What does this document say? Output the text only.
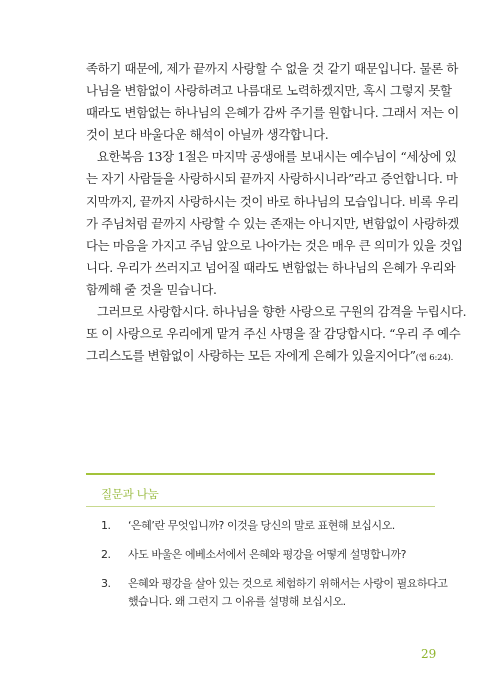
족하기 때문에, 제가 끝까지 사랑할 수 없을 것 같기 때문입니다. 물론 하
나님을 변함없이 사랑하려고 나름대로 노력하겠지만, 혹시 그렇지 못할
때라도 변함없는 하나님의 은혜가 감싸 주기를 원합니다. 그래서 저는 이
것이 보다 바울다운 해석이 아닐까 생각합니다.
요한복음 13장 1절은 마지막 공생애를 보내시는 예수님이 “세상에 있
는 자기 사람들을 사랑하시되 끝까지 사랑하시니라”라고 증언합니다. 마
지막까지, 끝까지 사랑하시는 것이 바로 하나님의 모습입니다. 비록 우리
가 주님처럼 끝까지 사랑할 수 있는 존재는 아니지만, 변함없이 사랑하겠
다는 마음을 가지고 주님 앞으로 나아가는 것은 매우 큰 의미가 있을 것입
니다. 우리가 쓰러지고 넘어질 때라도 변함없는 하나님의 은혜가 우리와
함께해 줄 것을 믿습니다.
그러므로 사랑합시다. 하나님을 향한 사랑으로 구원의 감격을 누립시다.
또 이 사랑으로 우리에게 맡겨 주신 사명을 잘 감당합시다. “우리 주 예수
그리스도를 변함없이 사랑하는 모든 자에게 은혜가 있을지어다”(엡 6:24).
질문과 나눔
1. ‘은혜’란 무엇입니까? 이것을 당신의 말로 표현해 보십시오.
2. 사도 바울은 에베소서에서 은혜와 평강을 어떻게 설명합니까?
3. 은혜와 평강을 살아 있는 것으로 체험하기 위해서는 사랑이 필요하다고
했습니다. 왜 그런지 그 이유를 설명해 보십시오.
29
